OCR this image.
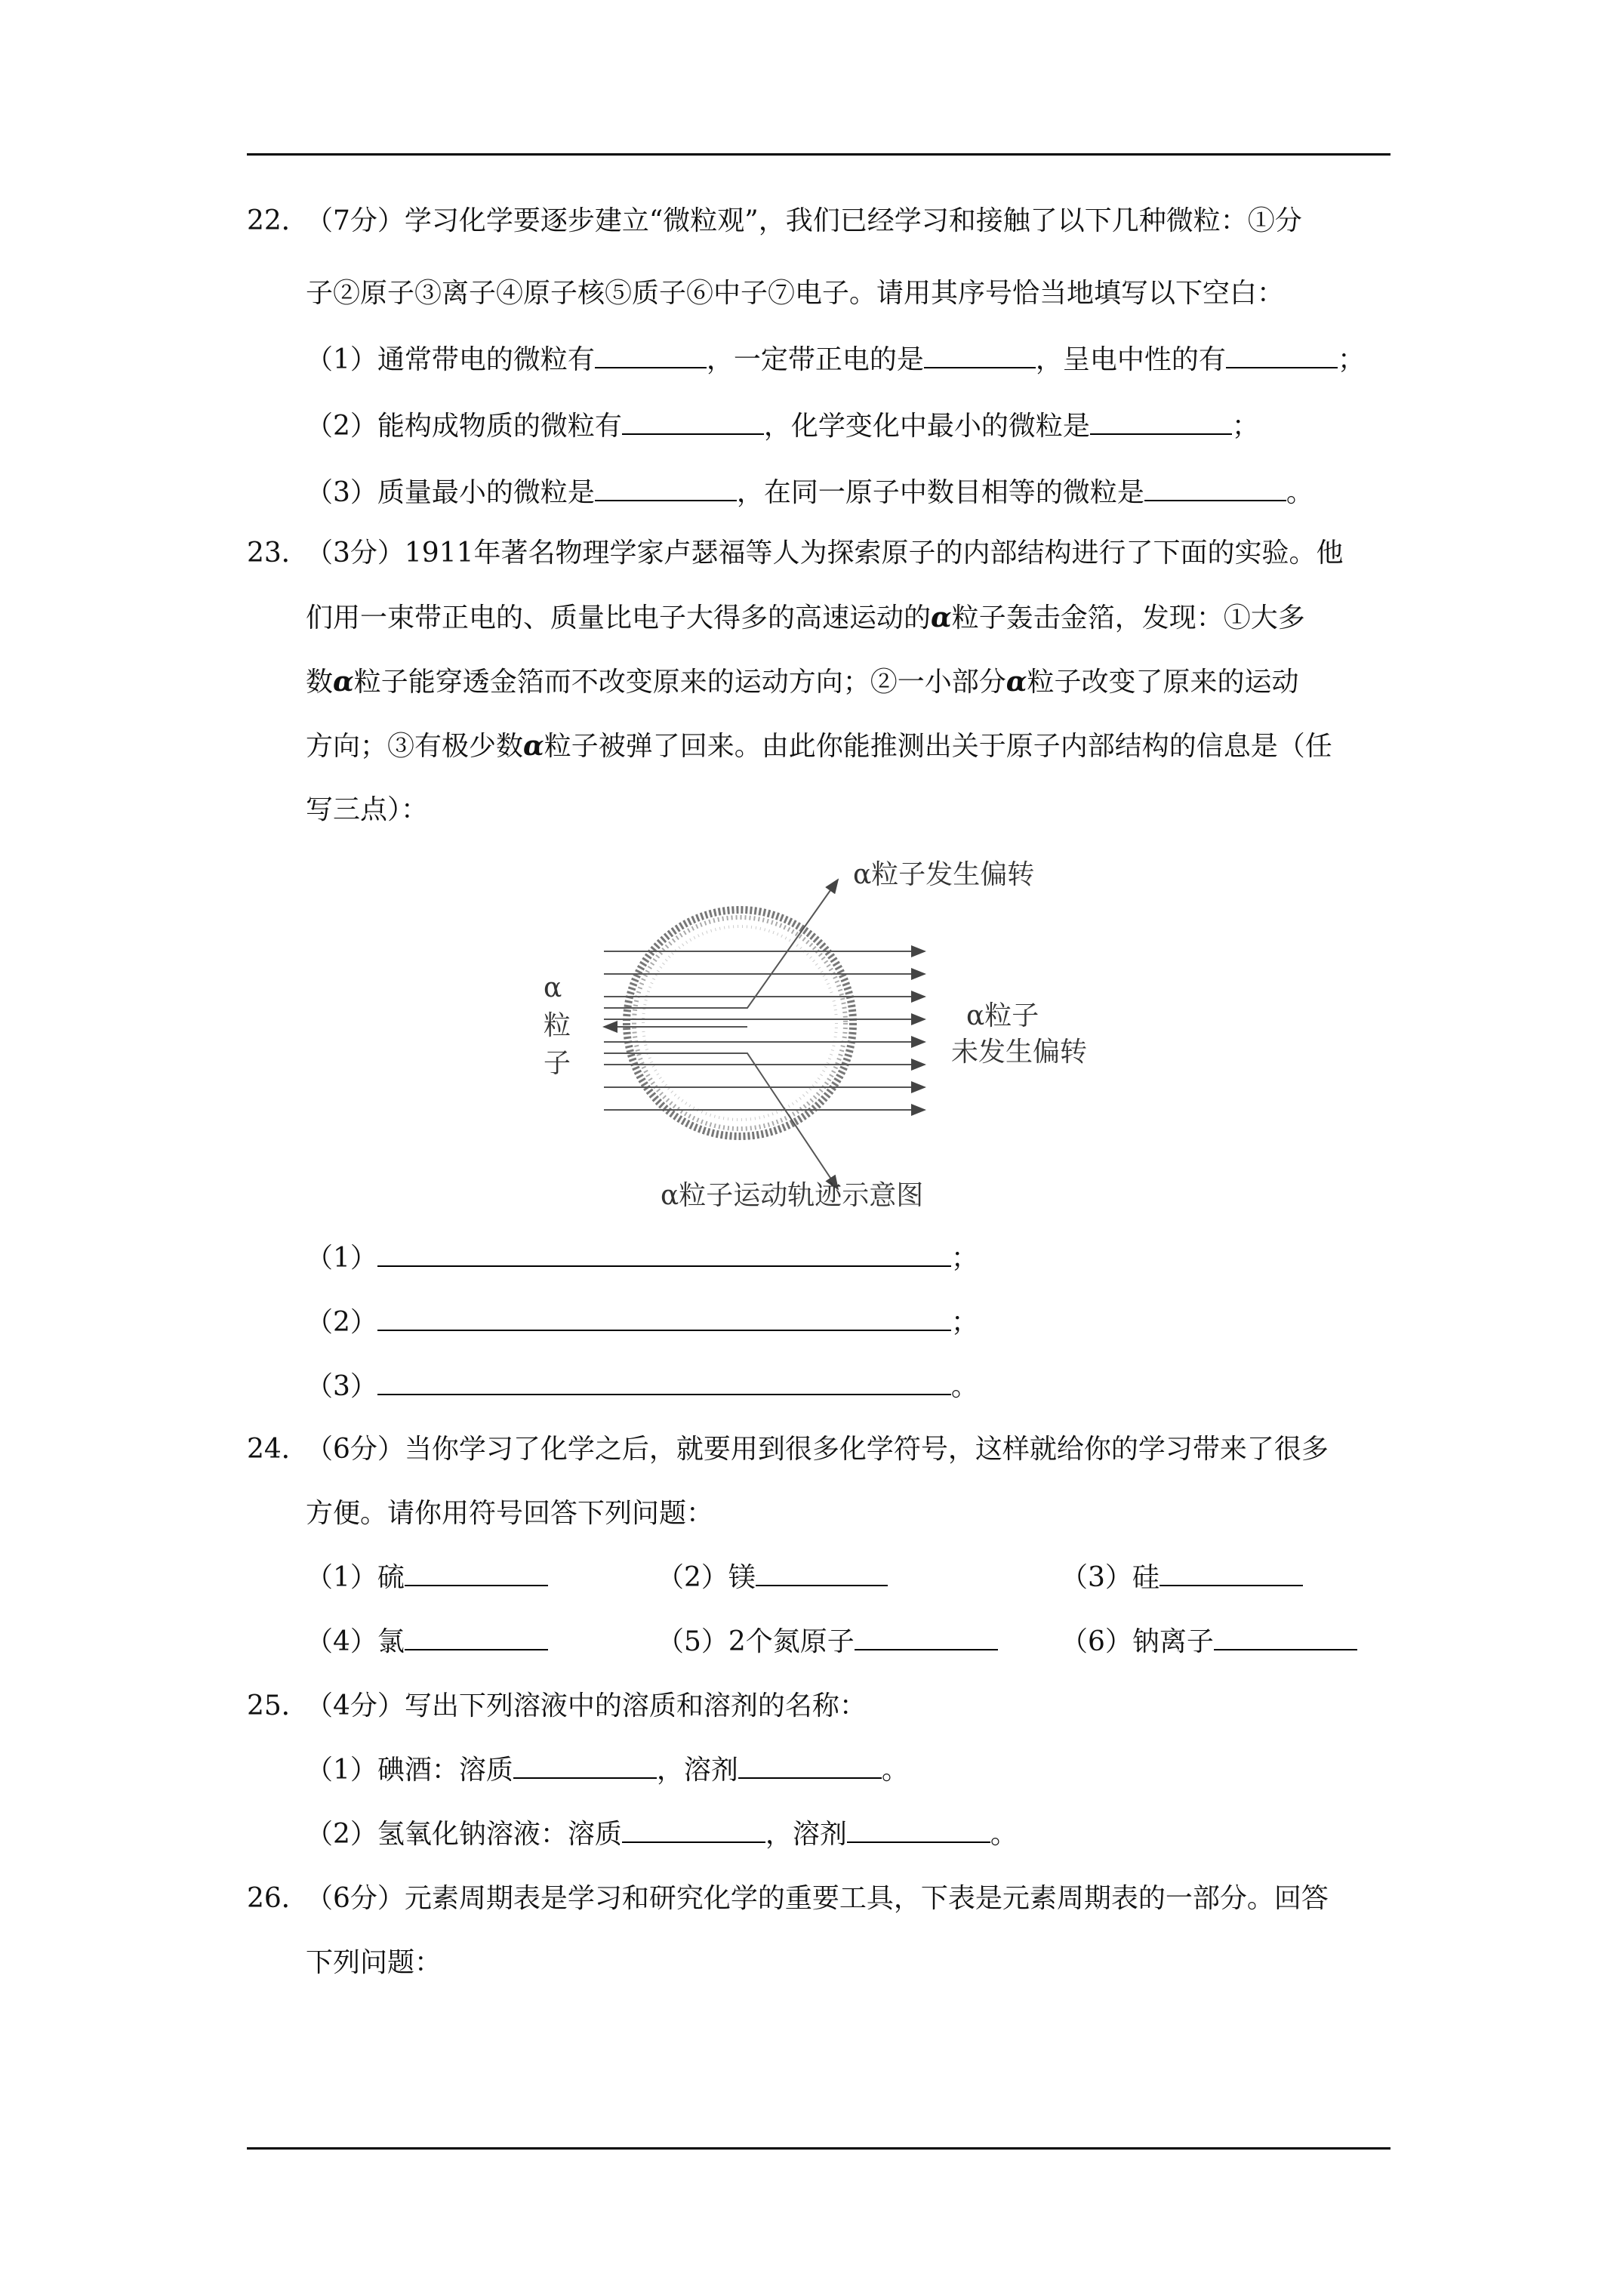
22．
（7分）学习化学要逐步建立“微粒观”，我们已经学习和接触了以下几种微粒：①分
子②原子③离子④原子核⑤质子⑥中子⑦电子。请用其序号恰当地填写以下空白：
（1）通常带电的微粒有	，一定带正电的是	，呈电中性的有	；
（2）能构成物质的微粒有	，化学变化中最小的微粒是	；
（3）质量最小的微粒是	，在同一原子中数目相等的微粒是	。
23．
（3分）1911年著名物理学家卢瑟福等人为探索原子的内部结构进行了下面的实验。他
们用一束带正电的、质量比电子大得多的高速运动的α粒子轰击金箔，发现：①大多
数α粒子能穿透金箔而不改变原来的运动方向；②一小部分α粒子改变了原来的运动
方向；③有极少数α粒子被弹了回来。由此你能推测出关于原子内部结构的信息是（任
写三点）：
α粒子发生偏转
α
粒
子
α粒子
未发生偏转
α粒子运动轨迹示意图
（1）	；
（2）	；
（3）	。
24．
（6分）当你学习了化学之后，就要用到很多化学符号，这样就给你的学习带来了很多
方便。请你用符号回答下列问题：
（1）硫	（2）镁	（3）硅
（4）氯	（5）2个氮原子	（6）钠离子
25．
（4分）写出下列溶液中的溶质和溶剂的名称：
（1）碘酒：溶质	，溶剂	。
（2）氢氧化钠溶液：溶质	，溶剂	。
26．
（6分）元素周期表是学习和研究化学的重要工具，下表是元素周期表的一部分。回答
下列问题：
